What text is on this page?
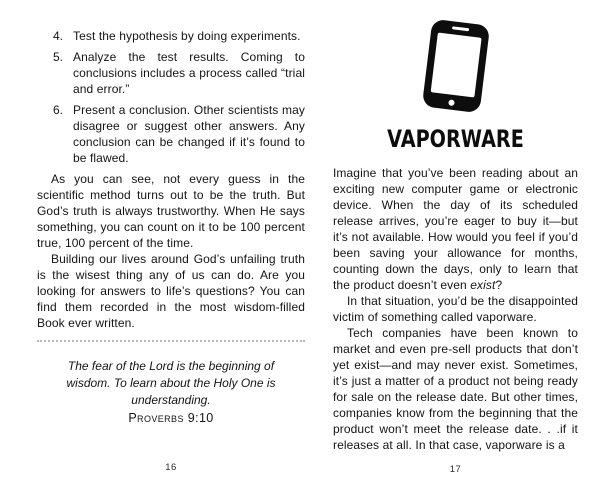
4. Test the hypothesis by doing experiments.
5. Analyze the test results. Coming to conclusions includes a process called “trial and error.”
6. Present a conclusion. Other scientists may disagree or suggest other answers. Any conclusion can be changed if it’s found to be flawed.

As you can see, not every guess in the scientific method turns out to be the truth. But God’s truth is always trustworthy. When He says something, you can count on it to be 100 percent true, 100 percent of the time.

Building our lives around God’s unfailing truth is the wisest thing any of us can do. Are you looking for answers to life’s questions? You can find them recorded in the most wisdom-filled Book ever written.

The fear of the Lord is the beginning of wisdom. To learn about the Holy One is understanding.
Proverbs 9:10
16
VAPORWARE

Imagine that you’ve been reading about an exciting new computer game or electronic device. When the day of its scheduled release arrives, you’re eager to buy it—but it’s not available. How would you feel if you’d been saving your allowance for months, counting down the days, only to learn that the product doesn’t even exist?

In that situation, you’d be the disappointed victim of something called vaporware.

Tech companies have been known to market and even pre-sell products that don’t yet exist—and may never exist. Sometimes, it’s just a matter of a product not being ready for sale on the release date. But other times, companies know from the beginning that the product won’t meet the release date. . .if it releases at all. In that case, vaporware is a

17
